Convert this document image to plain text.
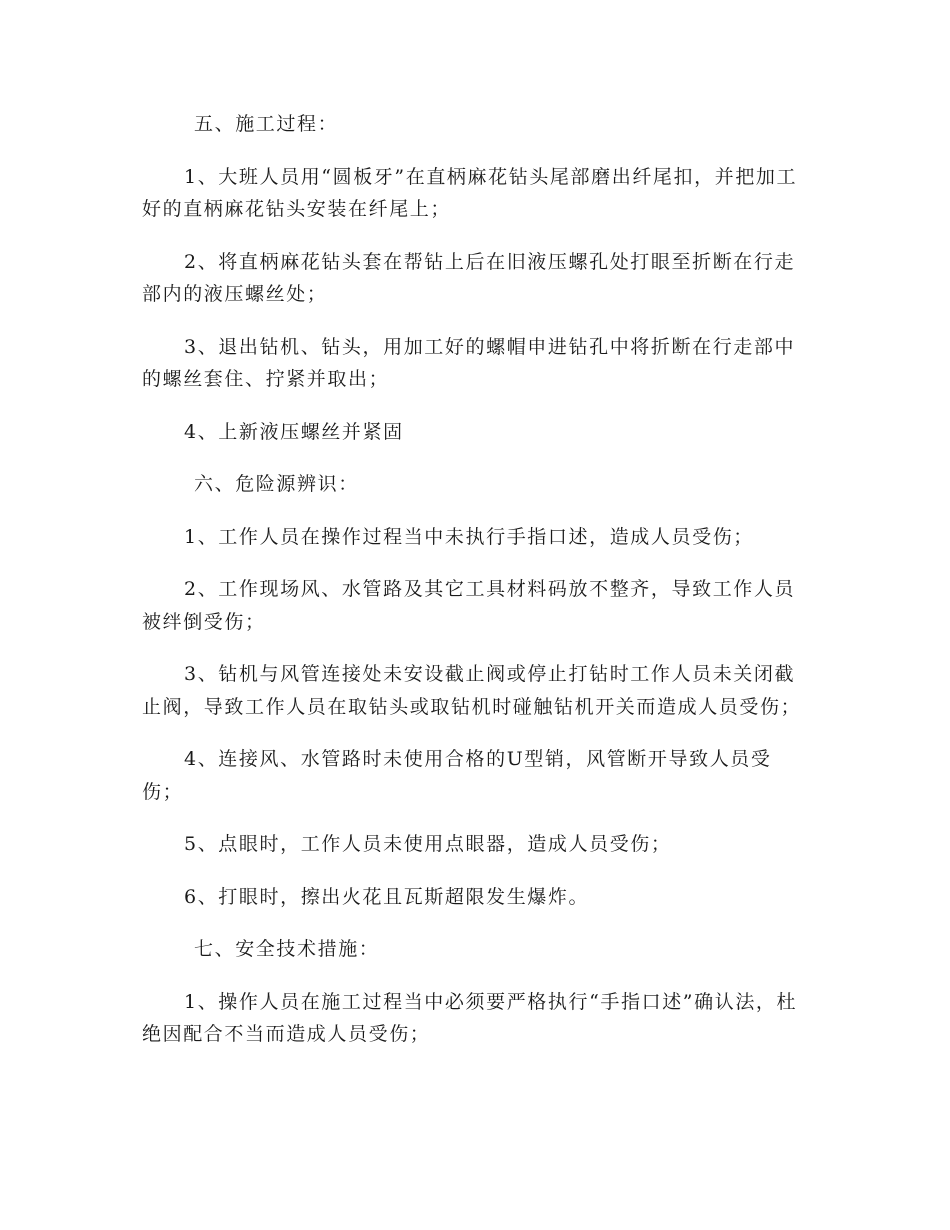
五、施工过程：

1、大班人员用“圆板牙”在直柄麻花钻头尾部磨出纤尾扣，并把加工好的直柄麻花钻头安装在纤尾上；

2、将直柄麻花钻头套在帮钻上后在旧液压螺孔处打眼至折断在行走部内的液压螺丝处；

3、退出钻机、钻头，用加工好的螺帽申进钻孔中将折断在行走部中的螺丝套住、拧紧并取出；

4、上新液压螺丝并紧固

六、危险源辨识：

1、工作人员在操作过程当中未执行手指口述，造成人员受伤；

2、工作现场风、水管路及其它工具材料码放不整齐，导致工作人员被绊倒受伤；

3、钻机与风管连接处未安设截止阀或停止打钻时工作人员未关闭截止阀，导致工作人员在取钻头或取钻机时碰触钻机开关而造成人员受伤；

4、连接风、水管路时未使用合格的U型销，风管断开导致人员受伤；

5、点眼时，工作人员未使用点眼器，造成人员受伤；

6、打眼时，擦出火花且瓦斯超限发生爆炸。

七、安全技术措施：

1、操作人员在施工过程当中必须要严格执行“手指口述”确认法，杜绝因配合不当而造成人员受伤；
